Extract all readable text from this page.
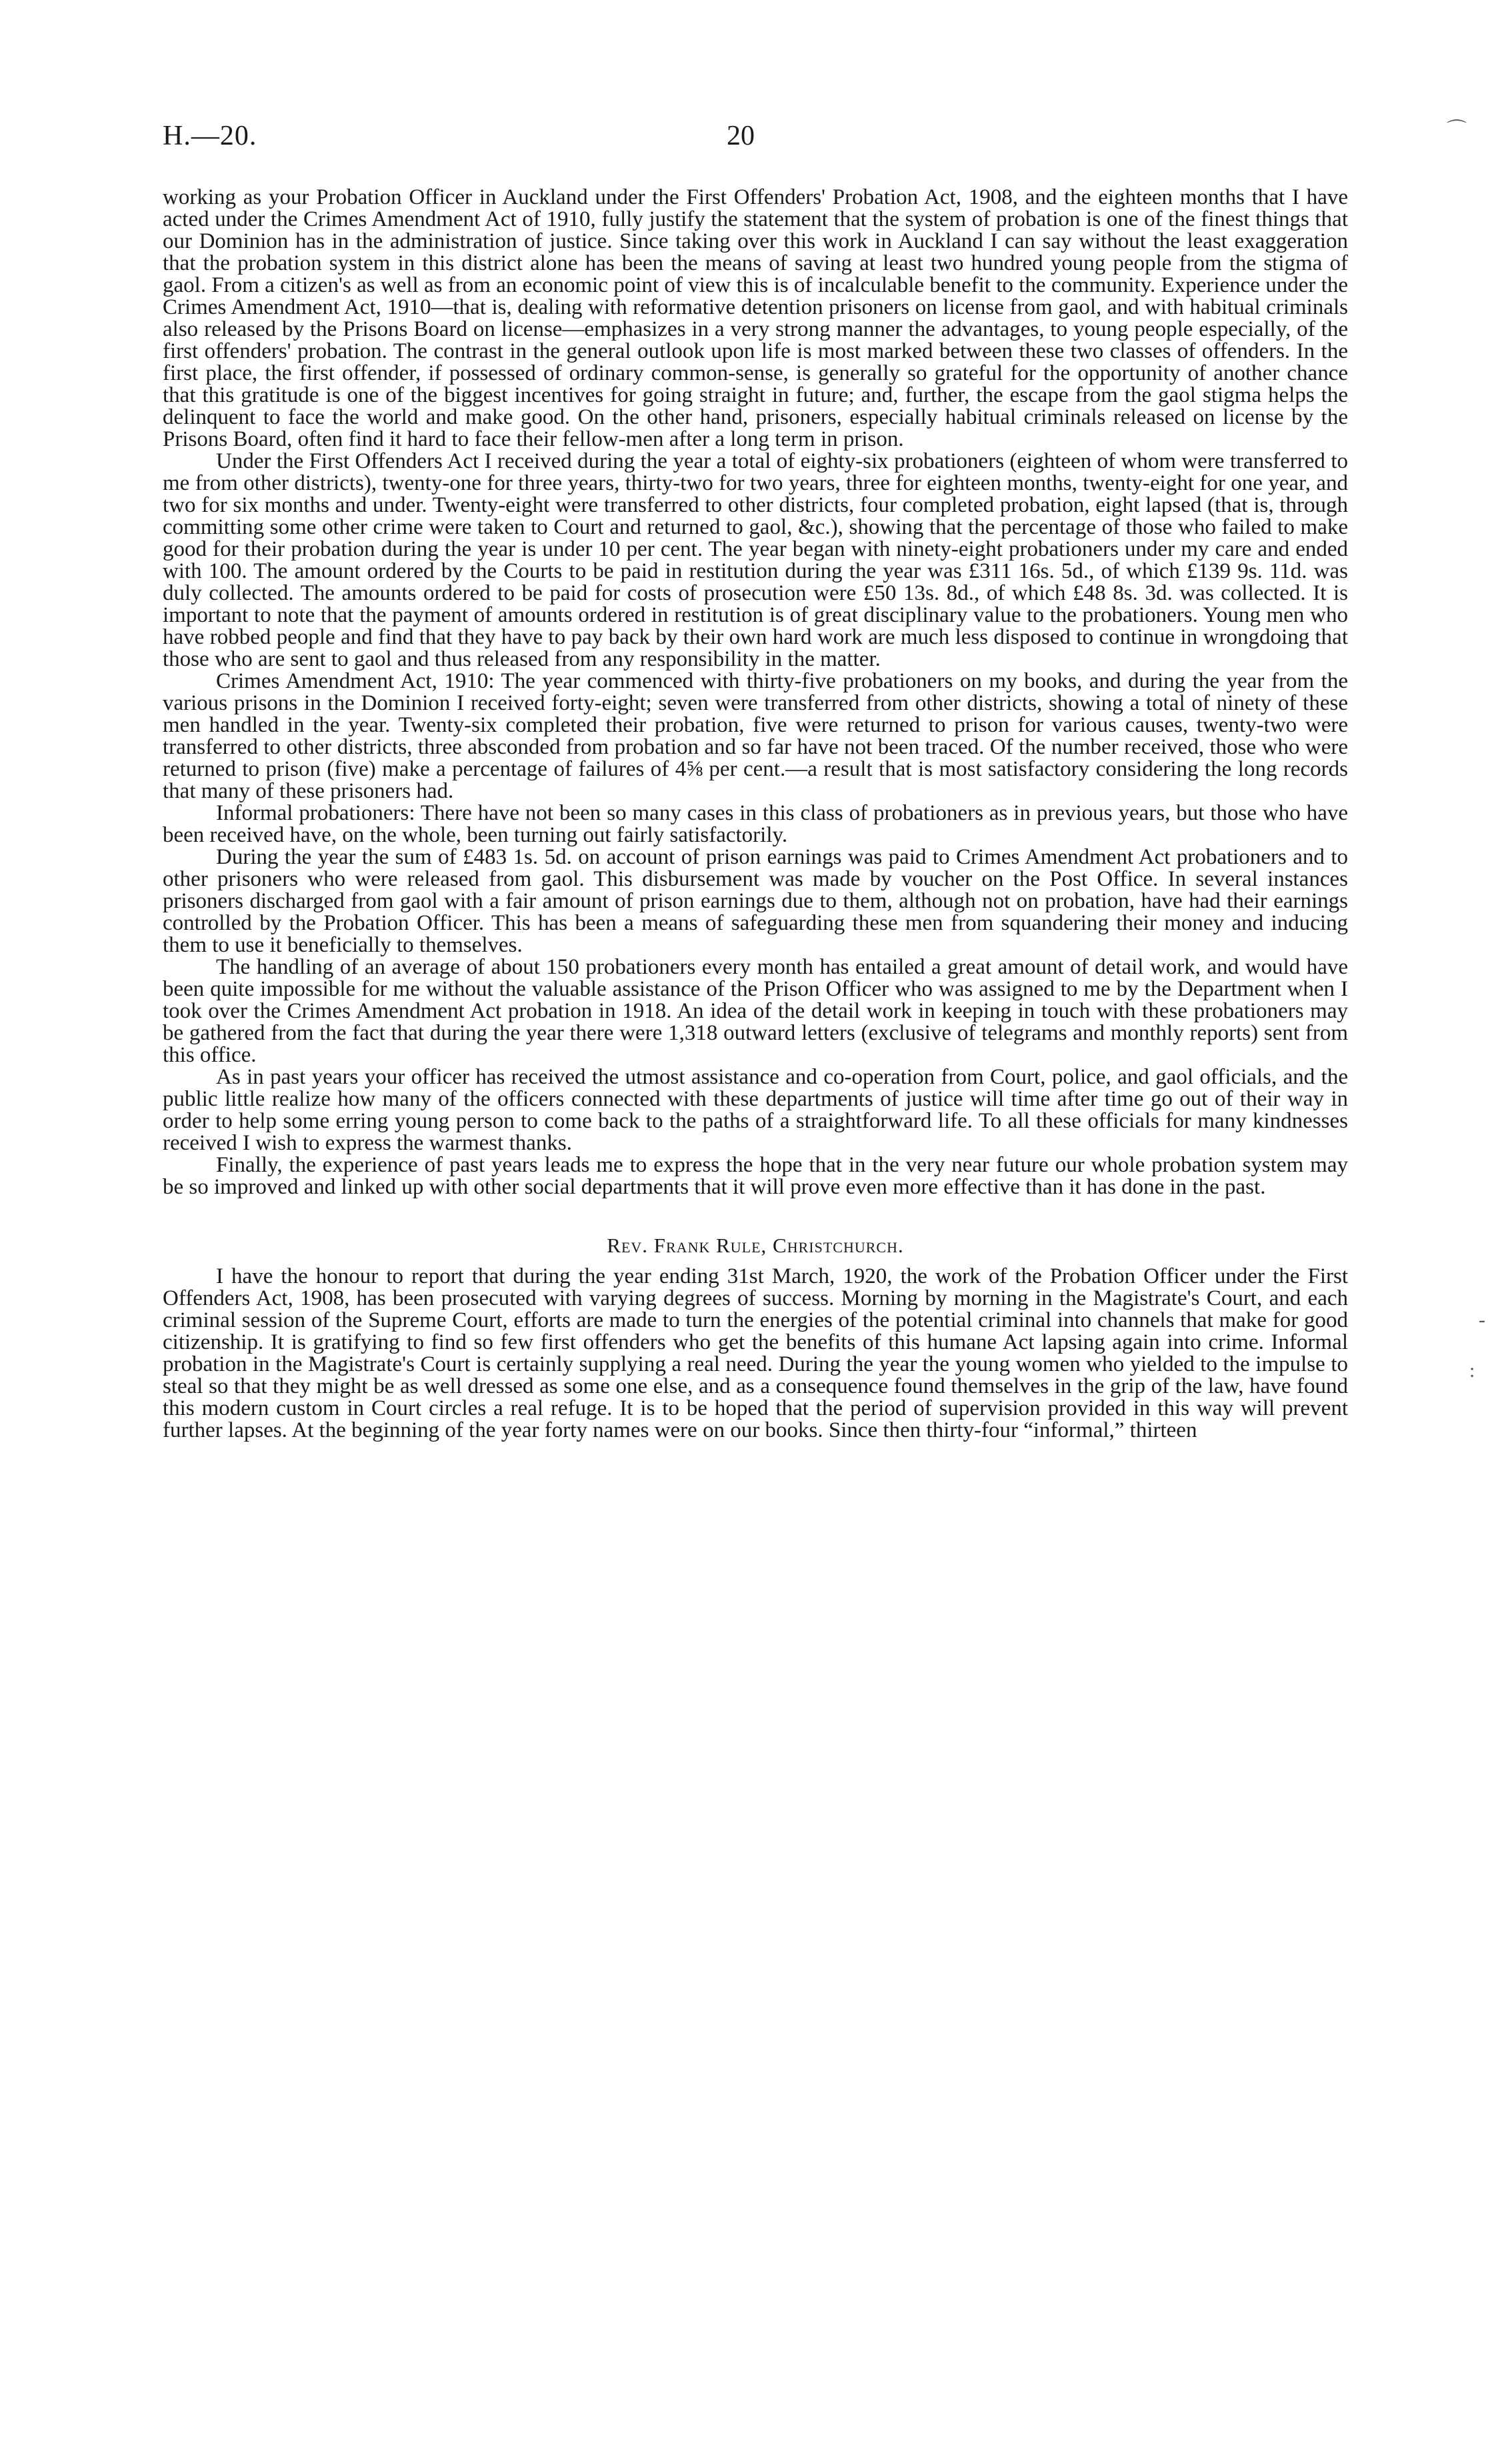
H.—20.	20	⌒
-
:

working as your Probation Officer in Auckland under the First Offenders' Probation Act, 1908, and the eighteen months that I have acted under the Crimes Amendment Act of 1910, fully justify the statement that the system of probation is one of the finest things that our Dominion has in the administration of justice. Since taking over this work in Auckland I can say without the least exaggeration that the probation system in this district alone has been the means of saving at least two hundred young people from the stigma of gaol. From a citizen's as well as from an economic point of view this is of incalculable benefit to the community. Experience under the Crimes Amendment Act, 1910—that is, dealing with reformative detention prisoners on license from gaol, and with habitual criminals also released by the Prisons Board on license—emphasizes in a very strong manner the advantages, to young people especially, of the first offenders' probation. The contrast in the general outlook upon life is most marked between these two classes of offenders. In the first place, the first offender, if possessed of ordinary common-sense, is generally so grateful for the opportunity of another chance that this gratitude is one of the biggest incentives for going straight in future; and, further, the escape from the gaol stigma helps the delinquent to face the world and make good. On the other hand, prisoners, especially habitual criminals released on license by the Prisons Board, often find it hard to face their fellow-men after a long term in prison.

Under the First Offenders Act I received during the year a total of eighty-six probationers (eighteen of whom were transferred to me from other districts), twenty-one for three years, thirty-two for two years, three for eighteen months, twenty-eight for one year, and two for six months and under. Twenty-eight were transferred to other districts, four completed probation, eight lapsed (that is, through committing some other crime were taken to Court and returned to gaol, &c.), showing that the percentage of those who failed to make good for their probation during the year is under 10 per cent. The year began with ninety-eight probationers under my care and ended with 100. The amount ordered by the Courts to be paid in restitution during the year was £311 16s. 5d., of which £139 9s. 11d. was duly collected. The amounts ordered to be paid for costs of prosecution were £50 13s. 8d., of which £48 8s. 3d. was collected. It is important to note that the payment of amounts ordered in restitution is of great disciplinary value to the probationers. Young men who have robbed people and find that they have to pay back by their own hard work are much less disposed to continue in wrongdoing that those who are sent to gaol and thus released from any responsibility in the matter.

Crimes Amendment Act, 1910: The year commenced with thirty-five probationers on my books, and during the year from the various prisons in the Dominion I received forty-eight; seven were transferred from other districts, showing a total of ninety of these men handled in the year. Twenty-six completed their probation, five were returned to prison for various causes, twenty-two were transferred to other districts, three absconded from probation and so far have not been traced. Of the number received, those who were returned to prison (five) make a percentage of failures of 4⅝ per cent.—a result that is most satisfactory considering the long records that many of these prisoners had.

Informal probationers: There have not been so many cases in this class of probationers as in previous years, but those who have been received have, on the whole, been turning out fairly satisfactorily.

During the year the sum of £483 1s. 5d. on account of prison earnings was paid to Crimes Amendment Act probationers and to other prisoners who were released from gaol. This disbursement was made by voucher on the Post Office. In several instances prisoners discharged from gaol with a fair amount of prison earnings due to them, although not on probation, have had their earnings controlled by the Probation Officer. This has been a means of safeguarding these men from squandering their money and inducing them to use it beneficially to themselves.

The handling of an average of about 150 probationers every month has entailed a great amount of detail work, and would have been quite impossible for me without the valuable assistance of the Prison Officer who was assigned to me by the Department when I took over the Crimes Amendment Act probation in 1918. An idea of the detail work in keeping in touch with these probationers may be gathered from the fact that during the year there were 1,318 outward letters (exclusive of telegrams and monthly reports) sent from this office.

As in past years your officer has received the utmost assistance and co-operation from Court, police, and gaol officials, and the public little realize how many of the officers connected with these departments of justice will time after time go out of their way in order to help some erring young person to come back to the paths of a straightforward life. To all these officials for many kindnesses received I wish to express the warmest thanks.

Finally, the experience of past years leads me to express the hope that in the very near future our whole probation system may be so improved and linked up with other social departments that it will prove even more effective than it has done in the past.

Rev. Frank Rule, Christchurch.

I have the honour to report that during the year ending 31st March, 1920, the work of the Probation Officer under the First Offenders Act, 1908, has been prosecuted with varying degrees of success. Morning by morning in the Magistrate's Court, and each criminal session of the Supreme Court, efforts are made to turn the energies of the potential criminal into channels that make for good citizenship. It is gratifying to find so few first offenders who get the benefits of this humane Act lapsing again into crime. Informal probation in the Magistrate's Court is certainly supplying a real need. During the year the young women who yielded to the impulse to steal so that they might be as well dressed as some one else, and as a consequence found themselves in the grip of the law, have found this modern custom in Court circles a real refuge. It is to be hoped that the period of supervision provided in this way will prevent further lapses. At the beginning of the year forty names were on our books. Since then thirty-four “informal,” thirteen
